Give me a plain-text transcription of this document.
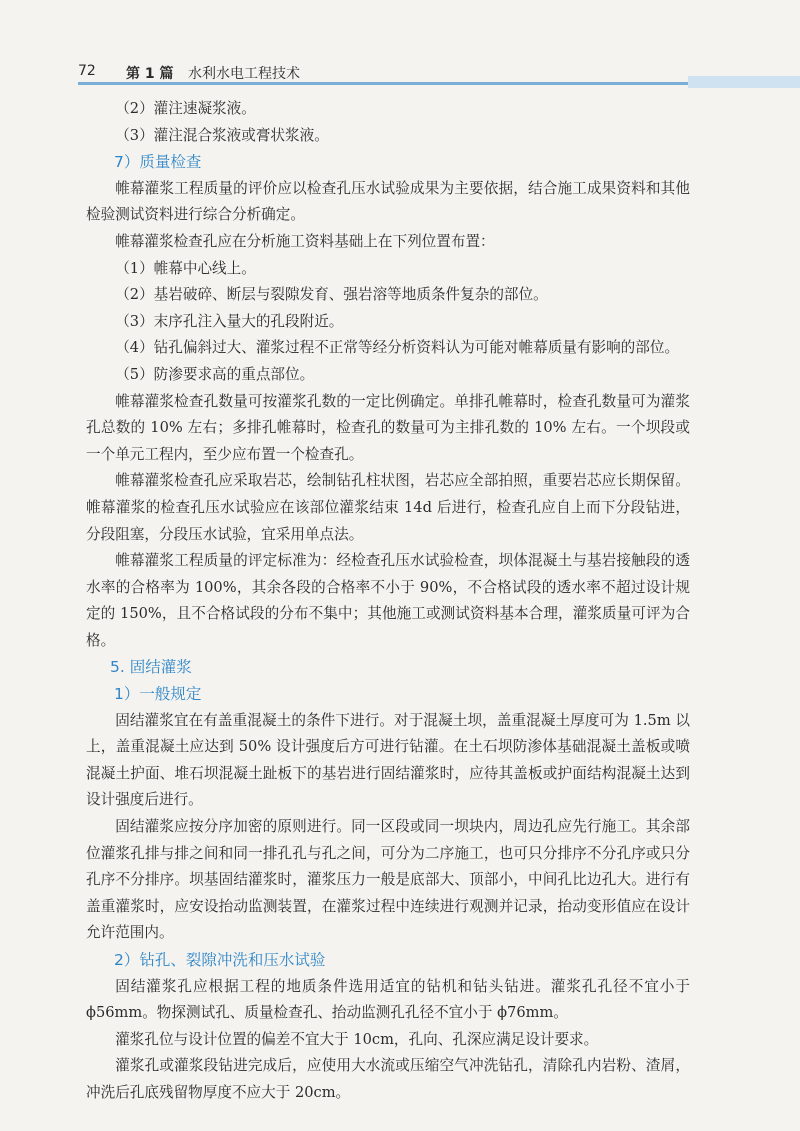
72 第 1 篇 水利水电工程技术

（2）灌注速凝浆液。

（3）灌注混合浆液或膏状浆液。

7）质量检查

帷幕灌浆工程质量的评价应以检查孔压水试验成果为主要依据，结合施工成果资料和其他检验测试资料进行综合分析确定。

帷幕灌浆检查孔应在分析施工资料基础上在下列位置布置：

（1）帷幕中心线上。

（2）基岩破碎、断层与裂隙发育、强岩溶等地质条件复杂的部位。

（3）末序孔注入量大的孔段附近。

（4）钻孔偏斜过大、灌浆过程不正常等经分析资料认为可能对帷幕质量有影响的部位。

（5）防渗要求高的重点部位。

帷幕灌浆检查孔数量可按灌浆孔数的一定比例确定。单排孔帷幕时，检查孔数量可为灌浆孔总数的 10% 左右；多排孔帷幕时，检查孔的数量可为主排孔数的 10% 左右。一个坝段或一个单元工程内，至少应布置一个检查孔。

帷幕灌浆检查孔应采取岩芯，绘制钻孔柱状图，岩芯应全部拍照，重要岩芯应长期保留。帷幕灌浆的检查孔压水试验应在该部位灌浆结束 14d 后进行，检查孔应自上而下分段钻进，分段阻塞，分段压水试验，宜采用单点法。

帷幕灌浆工程质量的评定标准为：经检查孔压水试验检查，坝体混凝土与基岩接触段的透水率的合格率为 100%，其余各段的合格率不小于 90%，不合格试段的透水率不超过设计规定的 150%，且不合格试段的分布不集中；其他施工或测试资料基本合理，灌浆质量可评为合格。

5. 固结灌浆
1）一般规定

固结灌浆宜在有盖重混凝土的条件下进行。对于混凝土坝，盖重混凝土厚度可为 1.5m 以上，盖重混凝土应达到 50% 设计强度后方可进行钻灌。在土石坝防渗体基础混凝土盖板或喷混凝土护面、堆石坝混凝土趾板下的基岩进行固结灌浆时，应待其盖板或护面结构混凝土达到设计强度后进行。

固结灌浆应按分序加密的原则进行。同一区段或同一坝块内，周边孔应先行施工。其余部位灌浆孔排与排之间和同一排孔孔与孔之间，可分为二序施工，也可只分排序不分孔序或只分孔序不分排序。坝基固结灌浆时，灌浆压力一般是底部大、顶部小，中间孔比边孔大。进行有盖重灌浆时，应安设抬动监测装置，在灌浆过程中连续进行观测并记录，抬动变形值应在设计允许范围内。

2）钻孔、裂隙冲洗和压水试验

固结灌浆孔应根据工程的地质条件选用适宜的钻机和钻头钻进。灌浆孔孔径不宜小于 ϕ56mm。物探测试孔、质量检查孔、抬动监测孔孔径不宜小于 ϕ76mm。

灌浆孔位与设计位置的偏差不宜大于 10cm，孔向、孔深应满足设计要求。

灌浆孔或灌浆段钻进完成后，应使用大水流或压缩空气冲洗钻孔，清除孔内岩粉、渣屑，冲洗后孔底残留物厚度不应大于 20cm。
